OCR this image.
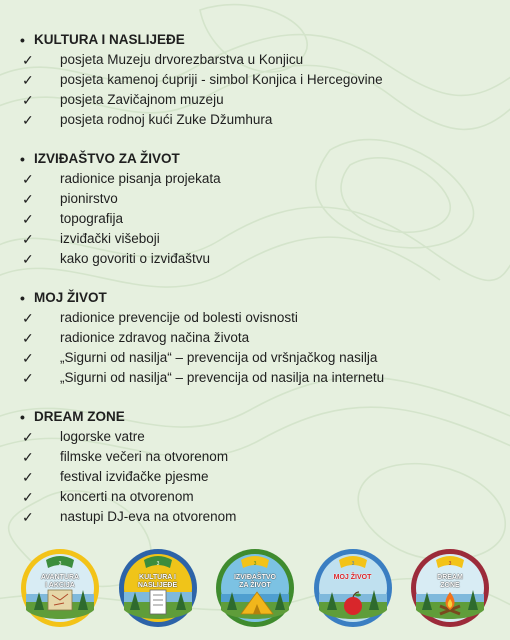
• KULTURA I NASLIJEĐE
✓	posjeta Muzeju drvorezbarstva u Konjicu
✓	posjeta kamenoj ćupriji - simbol Konjica i Hercegovine
✓	posjeta Zavičajnom muzeju
✓	posjeta rodnoj kući Zuke Džumhura
• IZVIĐAŠTVO ZA ŽIVOT
✓	radionice pisanja projekata
✓	pionirstvo
✓	topografija
✓	izviđački višeboji
✓	kako govoriti o izviđaštvu
• MOJ ŽIVOT
✓	radionice prevencije od bolesti ovisnosti
✓	radionice zdravog načina života
✓	„Sigurni od nasilja“ – prevencija od vršnjačkog nasilja
✓	„Sigurni od nasilja“ – prevencija od nasilja na internetu
• DREAM ZONE
✓	logorske vatre
✓	filmske večeri na otvorenom
✓	festival izviđačke pjesme
✓	koncerti na otvorenom
✓	nastupi DJ-eva na otvorenom
3
AVANTURA
I AKCIJA
3
KULTURA I
NASLIJEĐE
3
IZVIĐAŠTVO
ZA ŽIVOT
3
MOJ ŽIVOT
3
DREAM
ZONE
